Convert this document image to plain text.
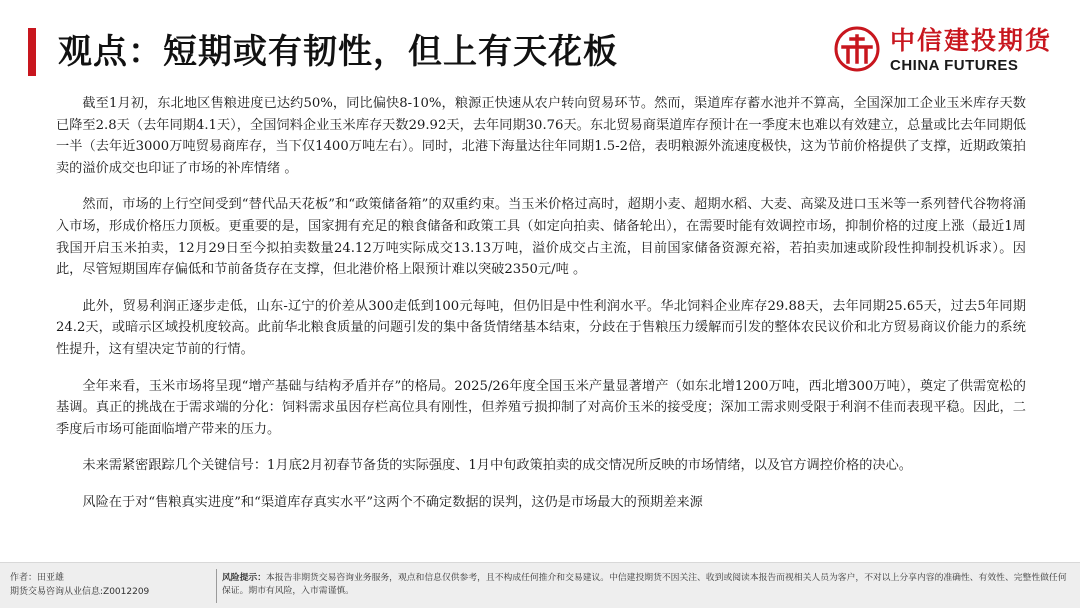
观点：短期或有韧性，但上有天花板	中信建投期货
CHINA FUTURES

截至1月初，东北地区售粮进度已达约50%，同比偏快8-10%，粮源正快速从农户转向贸易环节。然而，渠道库存蓄水池并不算高，全国深加工企业玉米库存天数已降至2.8天（去年同期4.1天），全国饲料企业玉米库存天数29.92天，去年同期30.76天。东北贸易商渠道库存预计在一季度末也难以有效建立，总量或比去年同期低一半（去年近3000万吨贸易商库存，当下仅1400万吨左右）。同时，北港下海量达往年同期1.5-2倍，表明粮源外流速度极快，这为节前价格提供了支撑，近期政策拍卖的溢价成交也印证了市场的补库情绪 。

然而，市场的上行空间受到“替代品天花板”和“政策储备箱”的双重约束。当玉米价格过高时，超期小麦、超期水稻、大麦、高粱及进口玉米等一系列替代谷物将涌入市场，形成价格压力顶板。更重要的是，国家拥有充足的粮食储备和政策工具（如定向拍卖、储备轮出），在需要时能有效调控市场，抑制价格的过度上涨（最近1周我国开启玉米拍卖，12月29日至今拟拍卖数量24.12万吨实际成交13.13万吨，溢价成交占主流，目前国家储备资源充裕，若拍卖加速或阶段性抑制投机诉求）。因此，尽管短期国库存偏低和节前备货存在支撑，但北港价格上限预计难以突破2350元/吨 。

此外，贸易利润正逐步走低，山东-辽宁的价差从300走低到100元每吨，但仍旧是中性利润水平。华北饲料企业库存29.88天，去年同期25.65天，过去5年同期24.2天，或暗示区域投机度较高。此前华北粮食质量的问题引发的集中备货情绪基本结束，分歧在于售粮压力缓解而引发的整体农民议价和北方贸易商议价能力的系统性提升，这有望决定节前的行情。

全年来看，玉米市场将呈现“增产基础与结构矛盾并存”的格局。2025/26年度全国玉米产量显著增产（如东北增1200万吨，西北增300万吨），奠定了供需宽松的基调。真正的挑战在于需求端的分化：饲料需求虽因存栏高位具有刚性，但养殖亏损抑制了对高价玉米的接受度；深加工需求则受限于利润不佳而表现平稳。因此，二季度后市场可能面临增产带来的压力。

未来需紧密跟踪几个关键信号：1月底2月初春节备货的实际强度、1月中旬政策拍卖的成交情况所反映的市场情绪，以及官方调控价格的决心。

风险在于对“售粮真实进度”和“渠道库存真实水平”这两个不确定数据的误判，这仍是市场最大的预期差来源

作者：田亚雄
期货交易咨询从业信息:Z0012209
风险提示：本报告非期货交易咨询业务服务，观点和信息仅供参考，且不构成任何推介和交易建议。中信建投期货不因关注、收到或阅读本报告而视相关人员为客户，不对以上分享内容的准确性、有效性、完整性做任何保证。期市有风险，入市需谨慎。
